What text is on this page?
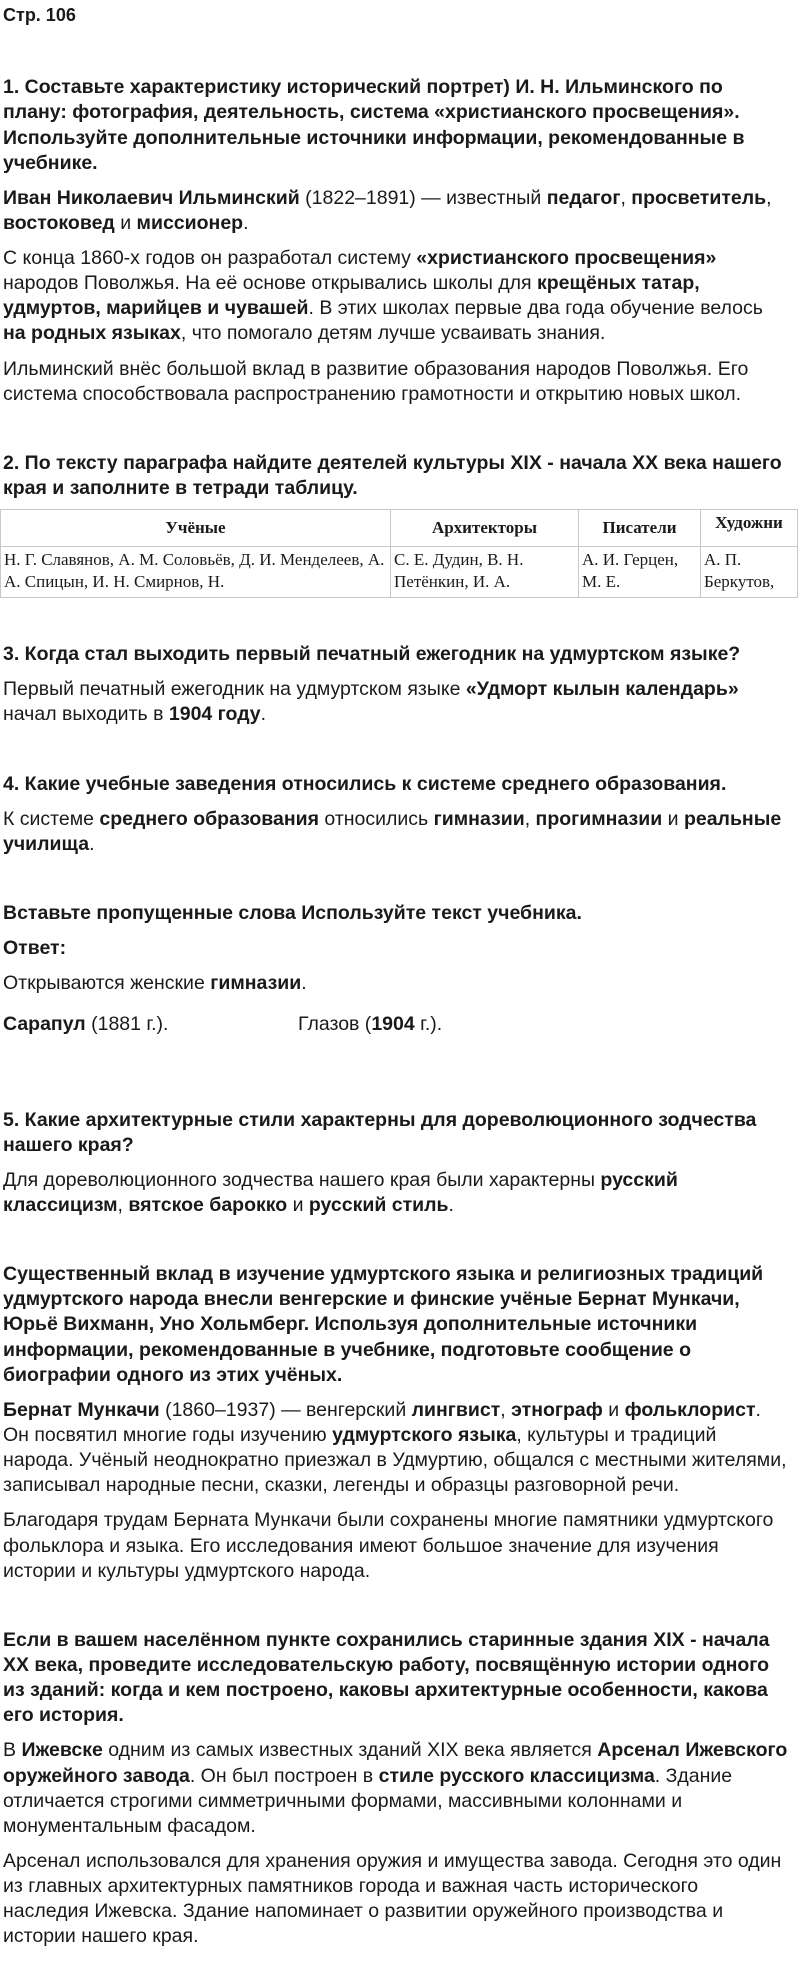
Стр. 106

1. Составьте характеристику исторический портрет) И. Н. Ильминского по плану: фотография, деятельность, система «христианского просвещения». Используйте дополнительные источники информации, рекомендованные в учебнике.

Иван Николаевич Ильминский (1822–1891) — известный педагог, просветитель, востоковед и миссионер.

С конца 1860-х годов он разработал систему «христианского просвещения» народов Поволжья. На её основе открывались школы для крещёных татар, удмуртов, марийцев и чувашей. В этих школах первые два года обучение велось на родных языках, что помогало детям лучше усваивать знания.

Ильминский внёс большой вклад в развитие образования народов Поволжья. Его система способствовала распространению грамотности и открытию новых школ.

2. По тексту параграфа найдите деятелей культуры XIX - начала XX века нашего края и заполните в тетради таблицу.

Учёные	Архитекторы	Писатели	Художни

Н. Г. Славянов, А. М. Соловьёв, Д. И. Менделеев, А. А. Спицын, И. Н. Смирнов, Н.	С. Е. Дудин, В. Н. Петёнкин, И. А.	А. И. Герцен, М. Е.	А. П. Беркутов,

3. Когда стал выходить первый печатный ежегодник на удмуртском языке?

Первый печатный ежегодник на удмуртском языке «Удморт кылын календарь» начал выходить в 1904 году.

4. Какие учебные заведения относились к системе среднего образования.

К системе среднего образования относились гимназии, прогимназии и реальные училища.

Вставьте пропущенные слова Используйте текст учебника.

Ответ:

Открываются женские гимназии.

Сарапул (1881 г.).	Глазов (1904 г.).

5. Какие архитектурные стили характерны для дореволюционного зодчества нашего края?

Для дореволюционного зодчества нашего края были характерны русский классицизм, вятское барокко и русский стиль.

Существенный вклад в изучение удмуртского языка и религиозных традиций удмуртского народа внесли венгерские и финские учёные Бернат Мункачи, Юрьё Вихманн, Уно Хольмберг. Используя дополнительные источники информации, рекомендованные в учебнике, подготовьте сообщение о биографии одного из этих учёных.

Бернат Мункачи (1860–1937) — венгерский лингвист, этнограф и фольклорист. Он посвятил многие годы изучению удмуртского языка, культуры и традиций народа. Учёный неоднократно приезжал в Удмуртию, общался с местными жителями, записывал народные песни, сказки, легенды и образцы разговорной речи.

Благодаря трудам Берната Мункачи были сохранены многие памятники удмуртского фольклора и языка. Его исследования имеют большое значение для изучения истории и культуры удмуртского народа.

Если в вашем населённом пункте сохранились старинные здания XIX - начала XX века, проведите исследовательскую работу, посвящённую истории одного из зданий: когда и кем построено, каковы архитектурные особенности, какова его история.

В Ижевске одним из самых известных зданий XIX века является Арсенал Ижевского оружейного завода. Он был построен в стиле русского классицизма. Здание отличается строгими симметричными формами, массивными колоннами и монументальным фасадом.

Арсенал использовался для хранения оружия и имущества завода. Сегодня это один из главных архитектурных памятников города и важная часть исторического наследия Ижевска. Здание напоминает о развитии оружейного производства и истории нашего края.
